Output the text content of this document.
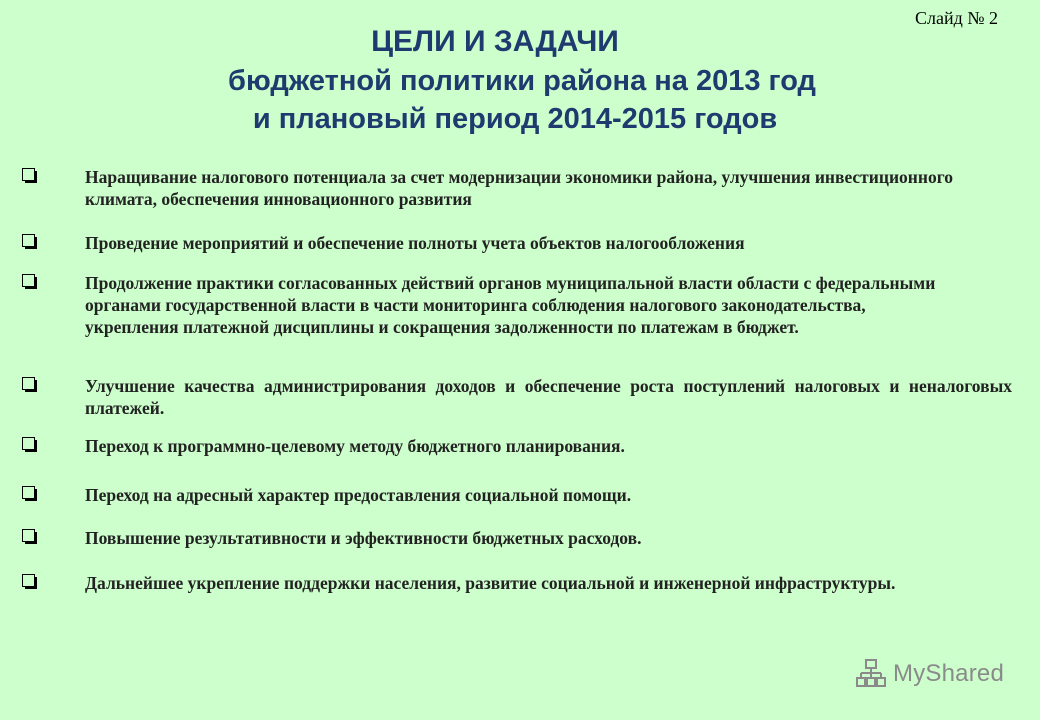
Слайд № 2
ЦЕЛИ И ЗАДАЧИ
бюджетной политики района на 2013 год
и плановый период 2014-2015 годов
Наращивание налогового потенциала за счет модернизации экономики района, улучшения инвестиционного климата, обеспечения инновационного развития
Проведение мероприятий и обеспечение полноты учета объектов налогообложения
Продолжение практики согласованных действий органов муниципальной власти области с федеральными органами государственной власти в части мониторинга соблюдения налогового законодательства, укрепления платежной дисциплины и сокращения задолженности по платежам в бюджет.
Улучшение качества администрирования доходов и обеспечение роста поступлений налоговых и неналоговых платежей.
Переход к программно-целевому методу бюджетного планирования.
Переход на адресный характер предоставления социальной помощи.
Повышение результативности и эффективности бюджетных расходов.
Дальнейшее укрепление поддержки населения, развитие социальной и инженерной инфраструктуры.
MyShared
